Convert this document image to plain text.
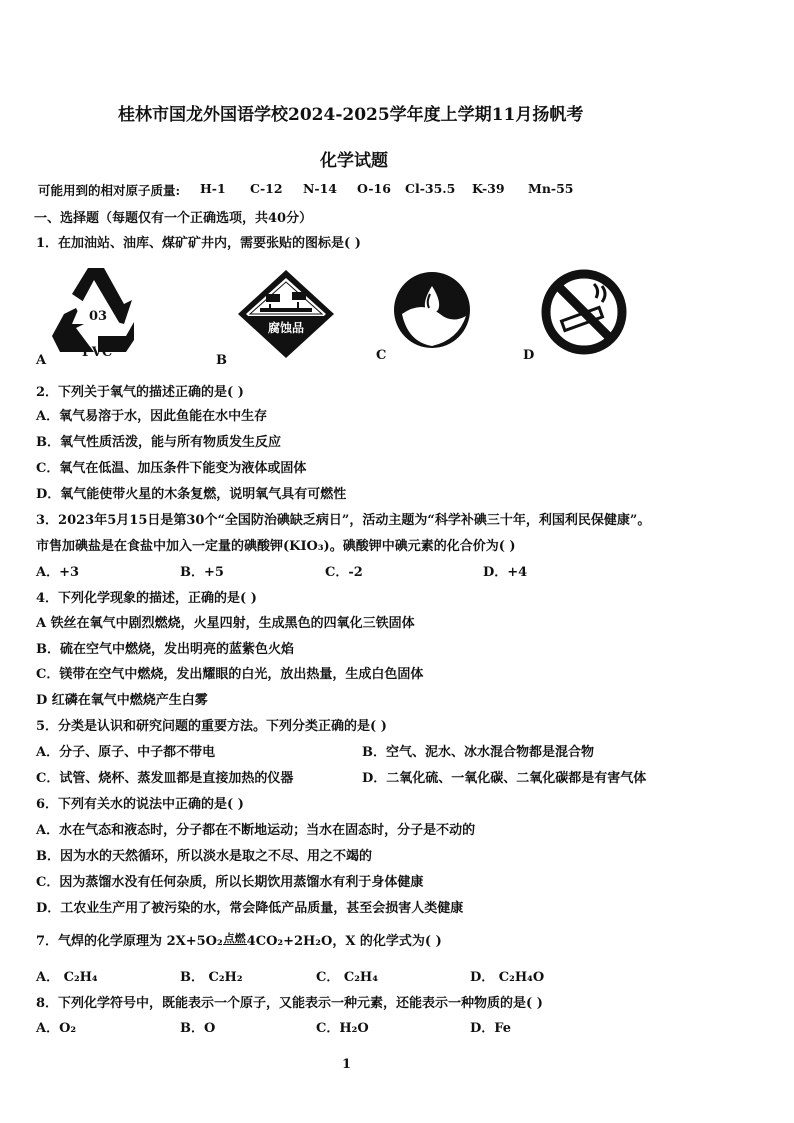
桂林市国龙外国语学校2024-2025学年度上学期11月扬帆考
化学试题
可能用到的相对原子质量: H-1 C-12 N-14 O-16 Cl-35.5 K-39 Mn-55
一、选择题（每题仅有一个正确选项，共40分）
1．在加油站、油库、煤矿矿井内，需要张贴的图标是( )
03
PVC
A
腐蚀品
B	C	D
2．下列关于氧气的描述正确的是( )
A．氧气易溶于水，因此鱼能在水中生存
B．氧气性质活泼，能与所有物质发生反应
C．氧气在低温、加压条件下能变为液体或固体
D．氧气能使带火星的木条复燃，说明氧气具有可燃性
3．2023年5月15日是第30个“全国防治碘缺乏病日”，活动主题为“科学补碘三十年，利国利民保健康”。
市售加碘盐是在食盐中加入一定量的碘酸钾(KIO₃)。碘酸钾中碘元素的化合价为( )
A．+3	B．+5	C．-2	D．+4
4．下列化学现象的描述，正确的是( )
A 铁丝在氧气中剧烈燃烧，火星四射，生成黑色的四氧化三铁固体
B．硫在空气中燃烧，发出明亮的蓝紫色火焰
C．镁带在空气中燃烧，发出耀眼的白光，放出热量，生成白色固体
D 红磷在氧气中燃烧产生白雾
5．分类是认识和研究问题的重要方法。下列分类正确的是( )
A．分子、原子、中子都不带电	B．空气、泥水、冰水混合物都是混合物
C．试管、烧杯、蒸发皿都是直接加热的仪器	D．二氧化硫、一氧化碳、二氧化碳都是有害气体
6．下列有关水的说法中正确的是( )
A．水在气态和液态时，分子都在不断地运动；当水在固态时，分子是不动的
B．因为水的天然循环，所以淡水是取之不尽、用之不竭的
C．因为蒸馏水没有任何杂质，所以长期饮用蒸馏水有利于身体健康
D．工农业生产用了被污染的水，常会降低产品质量，甚至会损害人类健康
7．气焊的化学原理为 2X+5O₂ 点燃 4CO₂+2H₂O，X 的化学式为( )
A． C₂H₄	B． C₂H₂	C． C₂H₄	D． C₂H₄O
8．下列化学符号中，既能表示一个原子，又能表示一种元素，还能表示一种物质的是( )
A．O₂	B．O	C．H₂O	D．Fe
1
